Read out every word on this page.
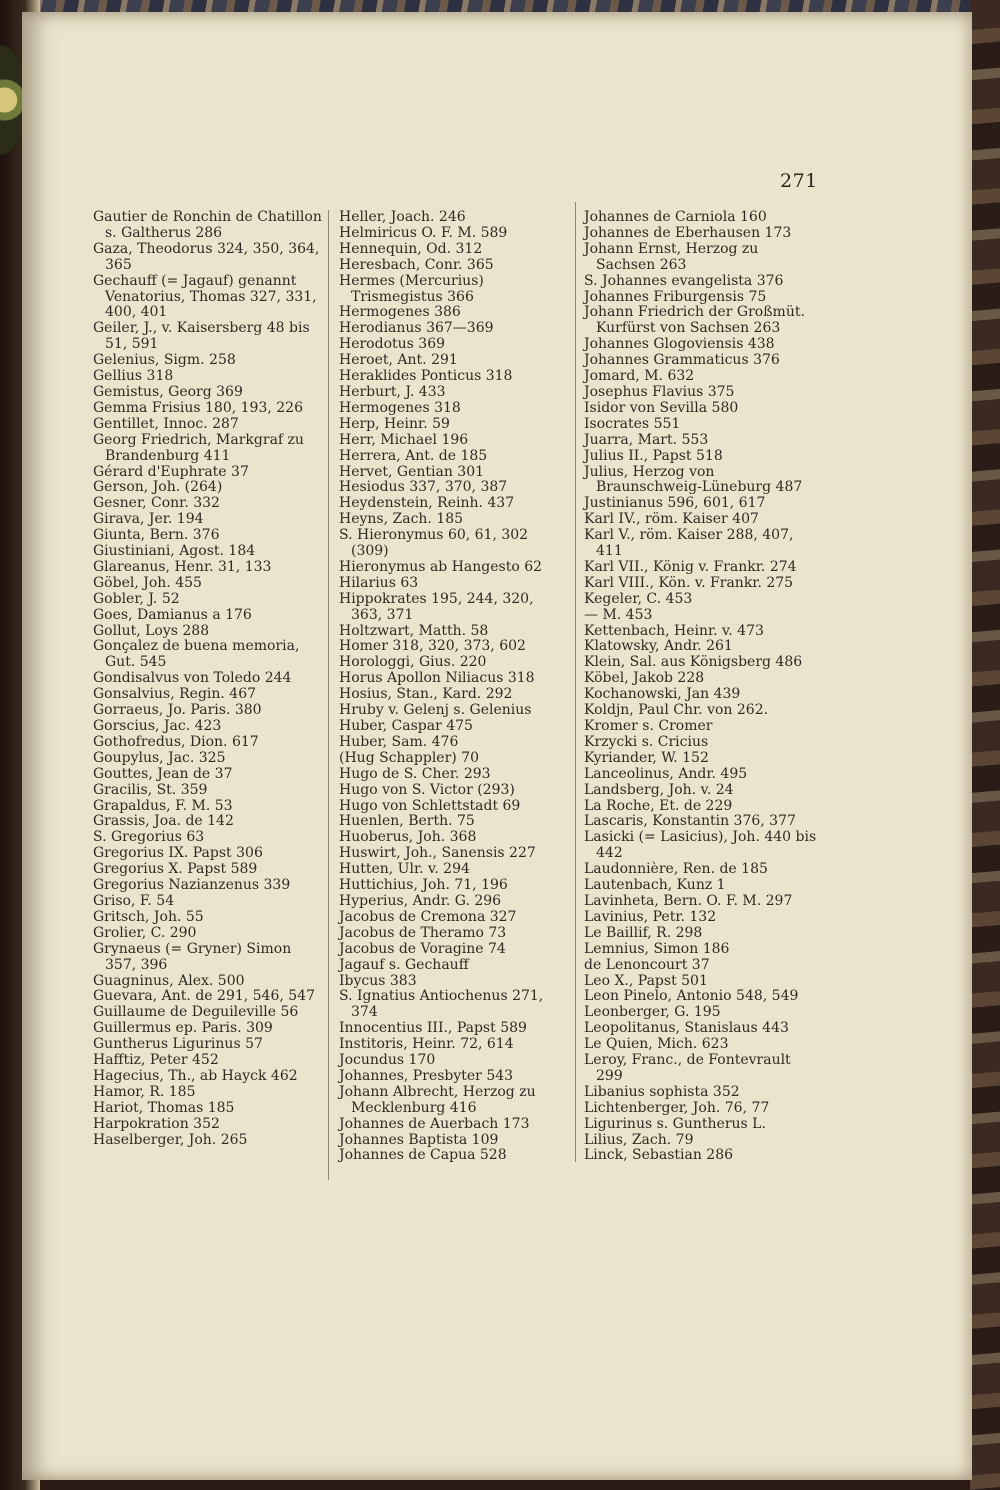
271
Gautier de Ronchin de Chatillon s. Galtherus 286
Gaza, Theodorus 324, 350, 364, 365
Gechauff (= Jagauf) genannt Venatorius, Thomas 327, 331, 400, 401
Geiler, J., v. Kaisersberg 48 bis 51, 591
Gelenius, Sigm. 258
Gellius 318
Gemistus, Georg 369
Gemma Frisius 180, 193, 226
Gentillet, Innoc. 287
Georg Friedrich, Markgraf zu Brandenburg 411
Gérard d'Euphrate 37
Gerson, Joh. (264)
Gesner, Conr. 332
Girava, Jer. 194
Giunta, Bern. 376
Giustiniani, Agost. 184
Glareanus, Henr. 31, 133
Göbel, Joh. 455
Gobler, J. 52
Goes, Damianus a 176
Gollut, Loys 288
Gonçalez de buena memoria, Gut. 545
Gondisalvus von Toledo 244
Gonsalvius, Regin. 467
Gorraeus, Jo. Paris. 380
Gorscius, Jac. 423
Gothofredus, Dion. 617
Goupylus, Jac. 325
Gouttes, Jean de 37
Gracilis, St. 359
Grapaldus, F. M. 53
Grassis, Joa. de 142
S. Gregorius 63
Gregorius IX. Papst 306
Gregorius X. Papst 589
Gregorius Nazianzenus 339
Griso, F. 54
Gritsch, Joh. 55
Grolier, C. 290
Grynaeus (= Gryner) Simon 357, 396
Guagninus, Alex. 500
Guevara, Ant. de 291, 546, 547
Guillaume de Deguileville 56
Guillermus ep. Paris. 309
Guntherus Ligurinus 57
Hafftiz, Peter 452
Hagecius, Th., ab Hayck 462
Hamor, R. 185
Hariot, Thomas 185
Harpokration 352
Haselberger, Joh. 265
Heller, Joach. 246
Helmiricus O. F. M. 589
Hennequin, Od. 312
Heresbach, Conr. 365
Hermes (Mercurius) Trismegistus 366
Hermogenes 386
Herodianus 367—369
Herodotus 369
Heroet, Ant. 291
Heraklides Ponticus 318
Herburt, J. 433
Hermogenes 318
Herp, Heinr. 59
Herr, Michael 196
Herrera, Ant. de 185
Hervet, Gentian 301
Hesiodus 337, 370, 387
Heydenstein, Reinh. 437
Heyns, Zach. 185
S. Hieronymus 60, 61, 302 (309)
Hieronymus ab Hangesto 62
Hilarius 63
Hippokrates 195, 244, 320, 363, 371
Holtzwart, Matth. 58
Homer 318, 320, 373, 602
Horologgi, Gius. 220
Horus Apollon Niliacus 318
Hosius, Stan., Kard. 292
Hruby v. Gelenj s. Gelenius
Huber, Caspar 475
Huber, Sam. 476
(Hug Schappler) 70
Hugo de S. Cher. 293
Hugo von S. Victor (293)
Hugo von Schlettstadt 69
Huenlen, Berth. 75
Huoberus, Joh. 368
Huswirt, Joh., Sanensis 227
Hutten, Ulr. v. 294
Huttichius, Joh. 71, 196
Hyperius, Andr. G. 296
Jacobus de Cremona 327
Jacobus de Theramo 73
Jacobus de Voragine 74
Jagauf s. Gechauff
Ibycus 383
S. Ignatius Antiochenus 271, 374
Innocentius III., Papst 589
Institoris, Heinr. 72, 614
Jocundus 170
Johannes, Presbyter 543
Johann Albrecht, Herzog zu Mecklenburg 416
Johannes de Auerbach 173
Johannes Baptista 109
Johannes de Capua 528
Johannes de Carniola 160
Johannes de Eberhausen 173
Johann Ernst, Herzog zu Sachsen 263
S. Johannes evangelista 376
Johannes Friburgensis 75
Johann Friedrich der Großmüt. Kurfürst von Sachsen 263
Johannes Glogoviensis 438
Johannes Grammaticus 376
Jomard, M. 632
Josephus Flavius 375
Isidor von Sevilla 580
Isocrates 551
Juarra, Mart. 553
Julius II., Papst 518
Julius, Herzog von Braunschweig-Lüneburg 487
Justinianus 596, 601, 617
Karl IV., röm. Kaiser 407
Karl V., röm. Kaiser 288, 407, 411
Karl VII., König v. Frankr. 274
Karl VIII., Kön. v. Frankr. 275
Kegeler, C. 453
— M. 453
Kettenbach, Heinr. v. 473
Klatowsky, Andr. 261
Klein, Sal. aus Königsberg 486
Köbel, Jakob 228
Kochanowski, Jan 439
Koldjn, Paul Chr. von 262.
Kromer s. Cromer
Krzycki s. Cricius
Kyriander, W. 152
Lanceolinus, Andr. 495
Landsberg, Joh. v. 24
La Roche, Et. de 229
Lascaris, Konstantin 376, 377
Lasicki (= Lasicius), Joh. 440 bis 442
Laudonnière, Ren. de 185
Lautenbach, Kunz 1
Lavinheta, Bern. O. F. M. 297
Lavinius, Petr. 132
Le Baillif, R. 298
Lemnius, Simon 186
de Lenoncourt 37
Leo X., Papst 501
Leon Pinelo, Antonio 548, 549
Leonberger, G. 195
Leopolitanus, Stanislaus 443
Le Quien, Mich. 623
Leroy, Franc., de Fontevrault 299
Libanius sophista 352
Lichtenberger, Joh. 76, 77
Ligurinus s. Guntherus L.
Lilius, Zach. 79
Linck, Sebastian 286
